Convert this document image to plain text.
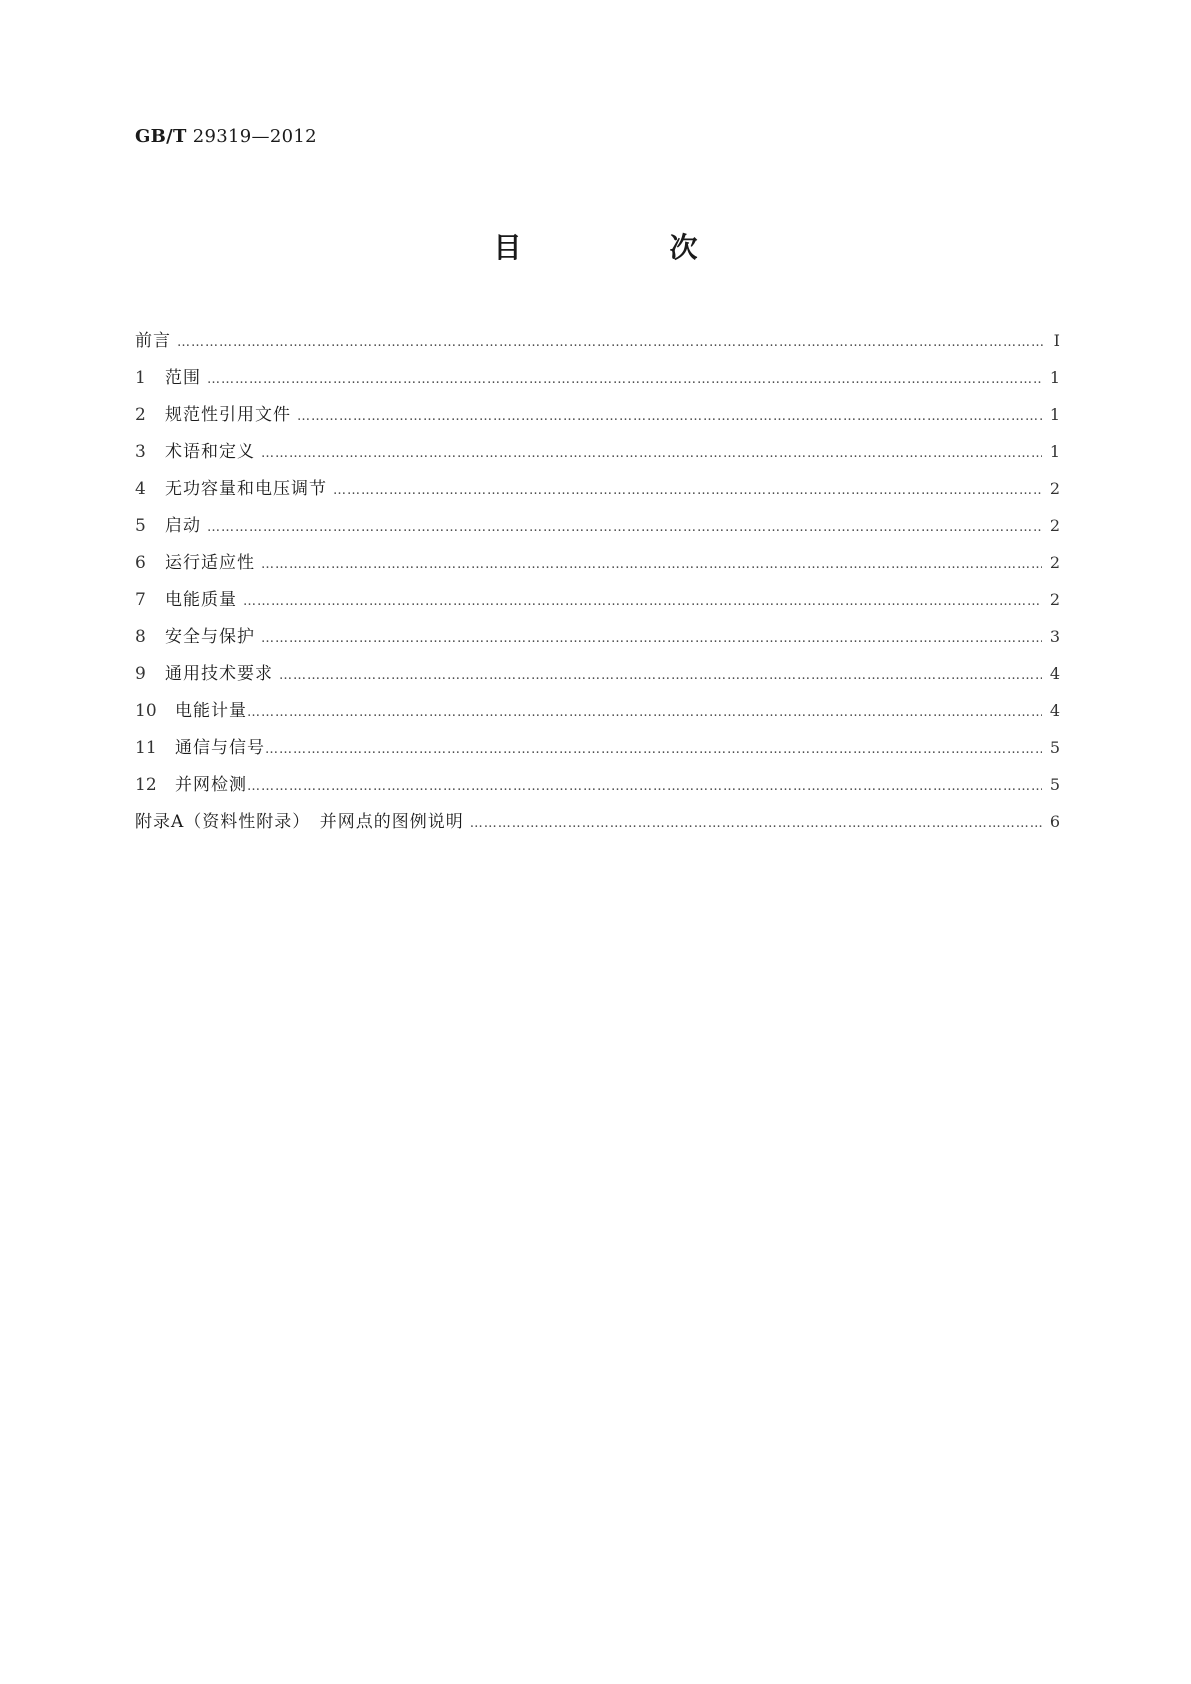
GB/T 29319—2012
目　次
前言 ………………………………………………………………………………………………………………………………………………………………………………………………………………………………	Ⅰ
1	范围 ………………………………………………………………………………………………………………………………………………………………………………………………………………………………	1
2	规范性引用文件 ………………………………………………………………………………………………………………………………………………………………………………………………………………………………	1
3	术语和定义 ………………………………………………………………………………………………………………………………………………………………………………………………………………………………	1
4	无功容量和电压调节 ………………………………………………………………………………………………………………………………………………………………………………………………………………………………	2
5	启动 ………………………………………………………………………………………………………………………………………………………………………………………………………………………………	2
6	运行适应性 ………………………………………………………………………………………………………………………………………………………………………………………………………………………………	2
7	电能质量 ………………………………………………………………………………………………………………………………………………………………………………………………………………………………	2
8	安全与保护 ………………………………………………………………………………………………………………………………………………………………………………………………………………………………	3
9	通用技术要求 ………………………………………………………………………………………………………………………………………………………………………………………………………………………………	4
10	电能计量 ………………………………………………………………………………………………………………………………………………………………………………………………………………………………	4
11	通信与信号 ………………………………………………………………………………………………………………………………………………………………………………………………………………………………	5
12	并网检测 ………………………………………………………………………………………………………………………………………………………………………………………………………………………………	5
附录A（资料性附录）　并网点的图例说明 ………………………………………………………………………………………………………………………………………………………………………………………………………………………………	6
